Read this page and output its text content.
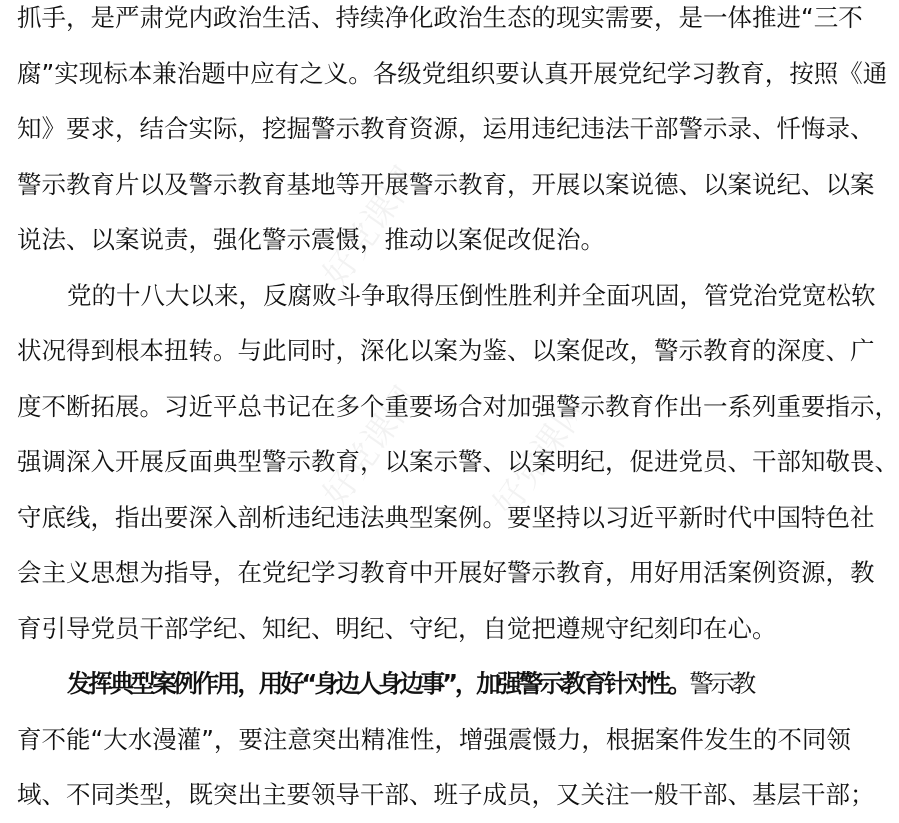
好党课网
好党课网 好党课网
抓手，是严肃党内政治生活、持续净化政治生态的现实需要，是一体推进“三不
腐”实现标本兼治题中应有之义。各级党组织要认真开展党纪学习教育，按照《通
知》要求，结合实际，挖掘警示教育资源，运用违纪违法干部警示录、忏悔录、
警示教育片以及警示教育基地等开展警示教育，开展以案说德、以案说纪、以案
说法、以案说责，强化警示震慑，推动以案促改促治。
党的十八大以来，反腐败斗争取得压倒性胜利并全面巩固，管党治党宽松软
状况得到根本扭转。与此同时，深化以案为鉴、以案促改，警示教育的深度、广
度不断拓展。习近平总书记在多个重要场合对加强警示教育作出一系列重要指示，
强调深入开展反面典型警示教育，以案示警、以案明纪，促进党员、干部知敬畏、
守底线，指出要深入剖析违纪违法典型案例。要坚持以习近平新时代中国特色社
会主义思想为指导，在党纪学习教育中开展好警示教育，用好用活案例资源，教
育引导党员干部学纪、知纪、明纪、守纪，自觉把遵规守纪刻印在心。
发挥典型案例作用，用好“身边人身边事”，加强警示教育针对性。警示教
育不能“大水漫灌”，要注意突出精准性，增强震慑力，根据案件发生的不同领
域、不同类型，既突出主要领导干部、班子成员，又关注一般干部、基层干部；
